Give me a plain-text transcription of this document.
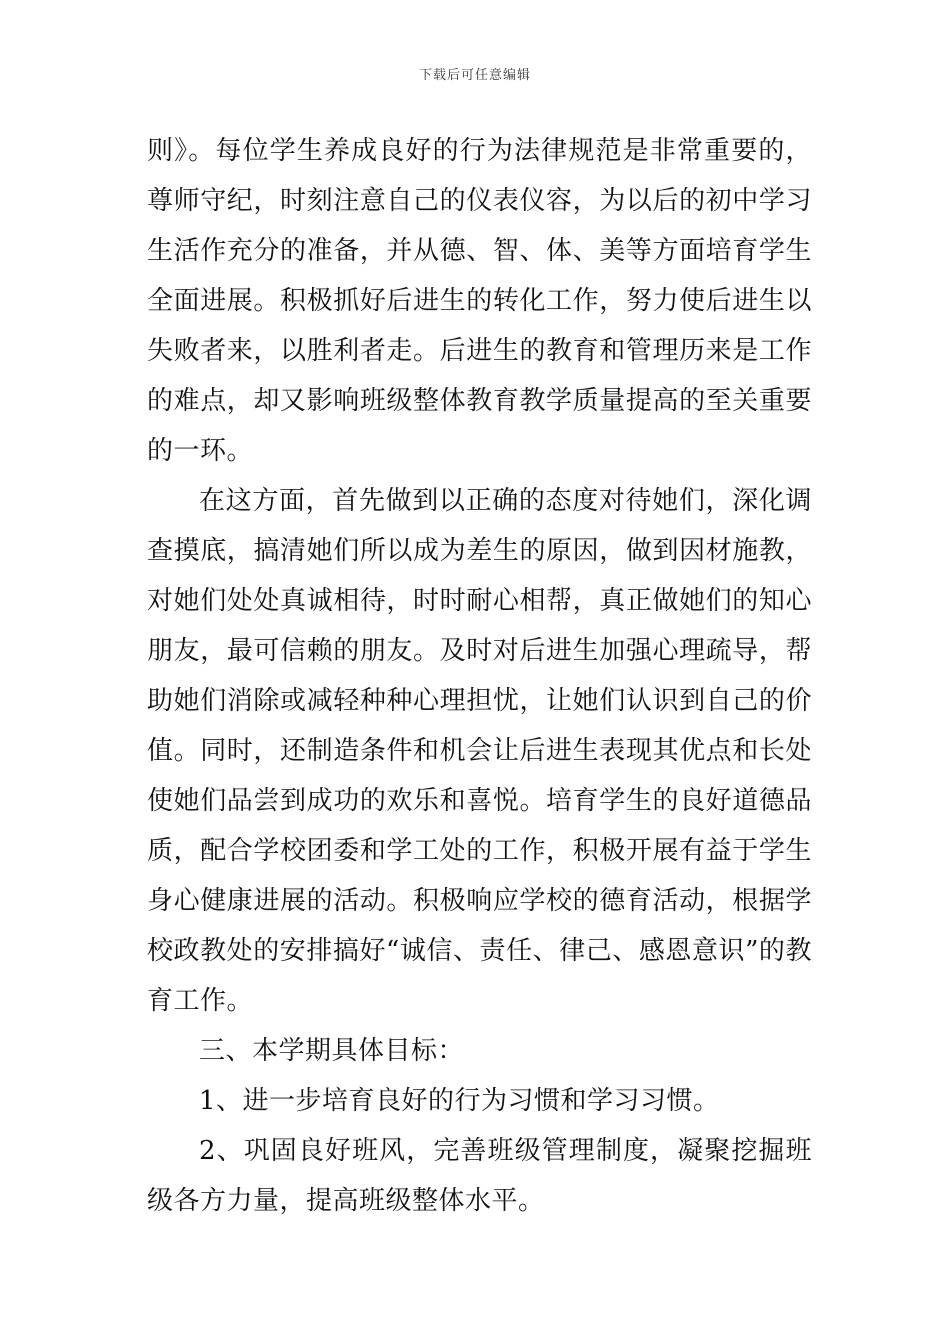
下载后可任意编辑

则》。每位学生养成良好的行为法律规范是非常重要的，尊师守纪，时刻注意自己的仪表仪容，为以后的初中学习生活作充分的准备，并从德、智、体、美等方面培育学生全面进展。积极抓好后进生的转化工作，努力使后进生以失败者来，以胜利者走。后进生的教育和管理历来是工作的难点，却又影响班级整体教育教学质量提高的至关重要的一环。

在这方面，首先做到以正确的态度对待她们，深化调查摸底，搞清她们所以成为差生的原因，做到因材施教，对她们处处真诚相待，时时耐心相帮，真正做她们的知心朋友，最可信赖的朋友。及时对后进生加强心理疏导，帮助她们消除或减轻种种心理担忧，让她们认识到自己的价值。同时，还制造条件和机会让后进生表现其优点和长处使她们品尝到成功的欢乐和喜悦。培育学生的良好道德品质，配合学校团委和学工处的工作，积极开展有益于学生身心健康进展的活动。积极响应学校的德育活动，根据学校政教处的安排搞好“诚信、责任、律己、感恩意识”的教育工作。

三、本学期具体目标：

1、进一步培育良好的行为习惯和学习习惯。

2、巩固良好班风，完善班级管理制度，凝聚挖掘班级各方力量，提高班级整体水平。
